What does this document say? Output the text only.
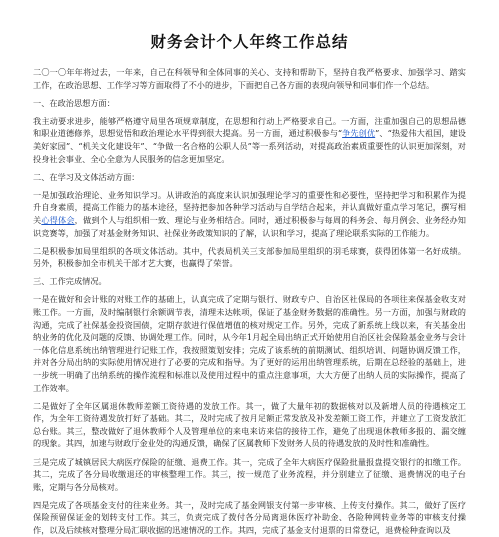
财务会计个人年终工作总结

二〇一〇年年将过去，一年来，自己在科领导和全体同事的关心、支持和帮助下，坚持自我严格要求、加强学习、踏实工作，在政治思想、工作学习等方面取得了不小的进步，下面把自己各方面的表现向领导和同事们作一个总结。

一、在政治思想方面：

我主动要求进步，能够严格遵守局里各项规章制度，在思想和行动上严格要求自己。一方面，注重加强自己的思想品德和职业道德修养，思想觉悟和政治理论水平得到很大提高。另一方面，通过积极参与“争先创优”、“热爱伟大祖国，建设美好家园”、“机关文化建设年”、“争做一名合格的公职人员”等一系列活动，对提高政治素质重要性的认识更加深刻，对投身社会事业、全心全意为人民服务的信念更加坚定。

二、在学习及文体活动方面：

一是加强政治理论、业务知识学习。从讲政治的高度来认识加强理论学习的重要性和必要性，坚持把学习和积累作为提升自身素质，提高工作能力的基本途径，坚持把参加各种学习活动与自学结合起来，并认真做好重点学习笔记，撰写相关心得体会，做到个人与组织相一致、理论与业务相结合。同时，通过积极参与每周的科务会、每月例会、业务经办知识竞赛等，加强了对基金财务知识、社保业务政策知识的了解，认识和学习，提高了理论联系实际的工作能力。

二是积极参加局里组织的各项文体活动。其中，代表局机关三支部参加局里组织的羽毛球赛，获得团体第一名好成绩。另外，积极参加全市机关干部才艺大赛，也赢得了荣誉。

三、工作完成情况。

一是在做好和会计账的对账工作的基础上，认真完成了定期与银行、财政专户、自治区社保局的各项往来保基金收支对账工作。一方面，及时编制银行余额调节表，清理未达帐项，保证了基金财务数据的准确性。另一方面，加强与财政的沟通，完成了社保基金投资国债，定期存款进行保值增值的核对规定工作。另外，完成了新系统上线以来，有关基金出纳业务的优化及问题的反馈、协调处理工作。同时，从今年1月起全局出纳正式开始使用自治区社会保险基金业务与会计一体化信息系统出纳管理进行记账工作，我按照策划安排；完成了该系统的前期测试、组织培训、问题协调反馈工作，并对各分局出纳的实际使用情况进行了必要的完成和指导。为了更好的运用出纳管理系统，后期在总经验的基础上，进一步统一明确了出纳系统的操作流程和标准以及使用过程中的重点注意事项，大大方便了出纳人员的实际操作，提高了工作效率。

二是做好了全年区属退休教师差额工资待遇的发放工作。其一，做了大量年初的数据核对以及新增人员的待遇核定工作，为全年工资待遇发放打好了基础。其二，及时完成了按月足额正常发放及补发差额工资工作，并建立了工资发放汇总台账。其三，整改做好了退休教师个人及管理单位的来电来访来信的接待工作，避免了出现退休教师多报的、漏交缠的现象。其四，加速与财政厅金业处的沟通反馈，确保了区属教师下发财务人员的待遇发放的及时性和准确性。

三是完成了城镇居民大病医疗保险的征缴、退费工作。其一，完成了全年大病医疗保险批量报盘提交银行的扣缴工作。其二，完成了各分局收缴退还的审核整理工作。其三，按一规范了业务流程，并分别建立了征缴、退费情况的电子台账，定期与各分局核对。

四是完成了各项基金支付的往来业务。其一，及时完成了基金网银支付第一步审核、上传支付操作。其二，做好了医疗保险预留保证金的划转支付工作。其三，负责完成了拨付各分局离退休医疗补助金、各险种网转业务等的审核支付操作，以及后续核对整理分局汇联收据的迅速情况的工作。其四，完成了基金支付退票的日常登记，退费检种查询以及
